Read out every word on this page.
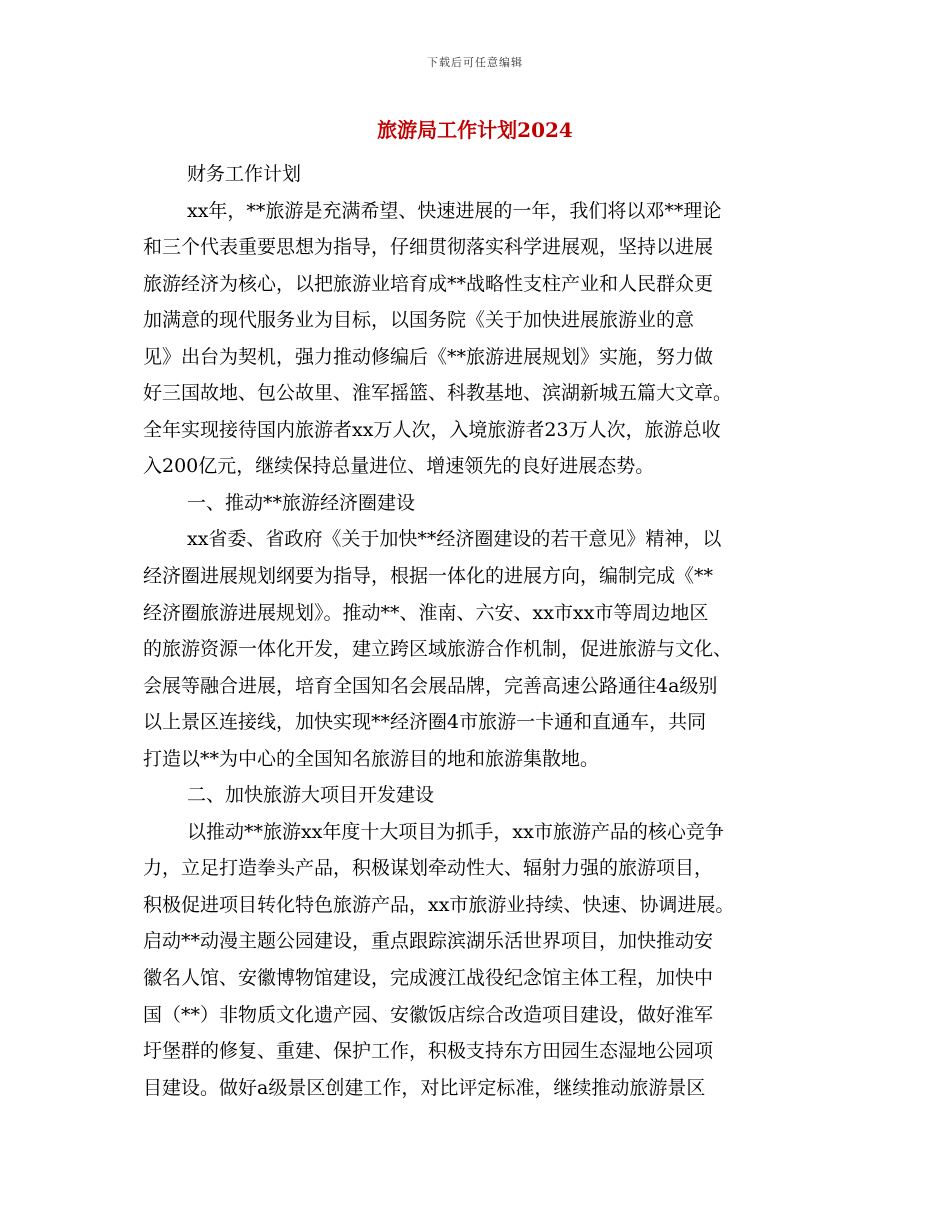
下载后可任意编辑
旅游局工作计划2024
财务工作计划
xx年，**旅游是充满希望、快速进展的一年，我们将以邓**理论
和三个代表重要思想为指导，仔细贯彻落实科学进展观，坚持以进展
旅游经济为核心，以把旅游业培育成**战略性支柱产业和人民群众更
加满意的现代服务业为目标，以国务院《关于加快进展旅游业的意
见》出台为契机，强力推动修编后《**旅游进展规划》实施，努力做
好三国故地、包公故里、淮军摇篮、科教基地、滨湖新城五篇大文章。
全年实现接待国内旅游者xx万人次，入境旅游者23万人次，旅游总收
入200亿元，继续保持总量进位、增速领先的良好进展态势。
一、推动**旅游经济圈建设
xx省委、省政府《关于加快**经济圈建设的若干意见》精神，以
经济圈进展规划纲要为指导，根据一体化的进展方向，编制完成《**
经济圈旅游进展规划》。推动**、淮南、六安、xx市xx市等周边地区
的旅游资源一体化开发，建立跨区域旅游合作机制，促进旅游与文化、
会展等融合进展，培育全国知名会展品牌，完善高速公路通往4a级别
以上景区连接线，加快实现**经济圈4市旅游一卡通和直通车，共同
打造以**为中心的全国知名旅游目的地和旅游集散地。
二、加快旅游大项目开发建设
以推动**旅游xx年度十大项目为抓手，xx市旅游产品的核心竞争
力，立足打造拳头产品，积极谋划牵动性大、辐射力强的旅游项目，
积极促进项目转化特色旅游产品，xx市旅游业持续、快速、协调进展。
启动**动漫主题公园建设，重点跟踪滨湖乐活世界项目，加快推动安
徽名人馆、安徽博物馆建设，完成渡江战役纪念馆主体工程，加快中
国（**）非物质文化遗产园、安徽饭店综合改造项目建设，做好淮军
圩堡群的修复、重建、保护工作，积极支持东方田园生态湿地公园项
目建设。做好a级景区创建工作，对比评定标准，继续推动旅游景区
